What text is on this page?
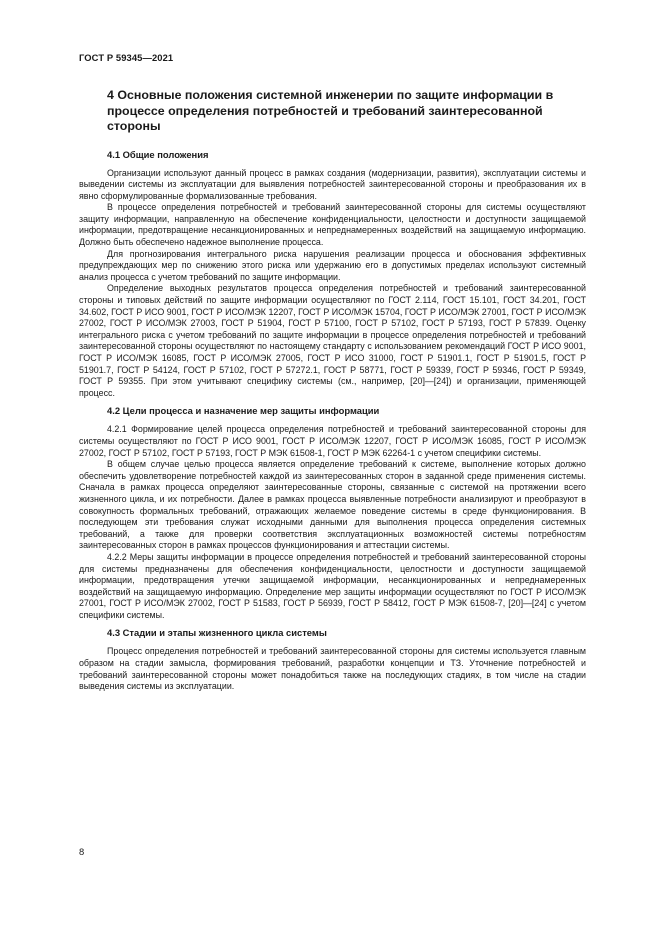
ГОСТ Р 59345—2021
4 Основные положения системной инженерии по защите информации в процессе определения потребностей и требований заинтересованной стороны
4.1 Общие положения

Организации используют данный процесс в рамках создания (модернизации, развития), эксплуатации системы и выведении системы из эксплуатации для выявления потребностей заинтересованной стороны и преобразования их в явно сформулированные формализованные требования.

В процессе определения потребностей и требований заинтересованной стороны для системы осуществляют защиту информации, направленную на обеспечение конфиденциальности, целостности и доступности защищаемой информации, предотвращение несанкционированных и непреднамеренных воздействий на защищаемую информацию. Должно быть обеспечено надежное выполнение процесса.

Для прогнозирования интегрального риска нарушения реализации процесса и обоснования эффективных предупреждающих мер по снижению этого риска или удержанию его в допустимых пределах используют системный анализ процесса с учетом требований по защите информации.

Определение выходных результатов процесса определения потребностей и требований заинтересованной стороны и типовых действий по защите информации осуществляют по ГОСТ 2.114, ГОСТ 15.101, ГОСТ 34.201, ГОСТ 34.602, ГОСТ Р ИСО 9001, ГОСТ Р ИСО/МЭК 12207, ГОСТ Р ИСО/МЭК 15704, ГОСТ Р ИСО/МЭК 27001, ГОСТ Р ИСО/МЭК 27002, ГОСТ Р ИСО/МЭК 27003, ГОСТ Р 51904, ГОСТ Р 57100, ГОСТ Р 57102, ГОСТ Р 57193, ГОСТ Р 57839. Оценку интегрального риска с учетом требований по защите информации в процессе определения потребностей и требований заинтересованной стороны осуществляют по настоящему стандарту с использованием рекомендаций ГОСТ Р ИСО 9001, ГОСТ Р ИСО/МЭК 16085, ГОСТ Р ИСО/МЭК 27005, ГОСТ Р ИСО 31000, ГОСТ Р 51901.1, ГОСТ Р 51901.5, ГОСТ Р 51901.7, ГОСТ Р 54124, ГОСТ Р 57102, ГОСТ Р 57272.1, ГОСТ Р 58771, ГОСТ Р 59339, ГОСТ Р 59346, ГОСТ Р 59349, ГОСТ Р 59355. При этом учитывают специфику системы (см., например, [20]—[24]) и организации, применяющей процесс.

4.2 Цели процесса и назначение мер защиты информации

4.2.1 Формирование целей процесса определения потребностей и требований заинтересованной стороны для системы осуществляют по ГОСТ Р ИСО 9001, ГОСТ Р ИСО/МЭК 12207, ГОСТ Р ИСО/МЭК 16085, ГОСТ Р ИСО/МЭК 27002, ГОСТ Р 57102, ГОСТ Р 57193, ГОСТ Р МЭК 61508-1, ГОСТ Р МЭК 62264-1 с учетом специфики системы.

В общем случае целью процесса является определение требований к системе, выполнение которых должно обеспечить удовлетворение потребностей каждой из заинтересованных сторон в заданной среде применения системы. Сначала в рамках процесса определяют заинтересованные стороны, связанные с системой на протяжении всего жизненного цикла, и их потребности. Далее в рамках процесса выявленные потребности анализируют и преобразуют в совокупность формальных требований, отражающих желаемое поведение системы в среде функционирования. В последующем эти требования служат исходными данными для выполнения процесса определения системных требований, а также для проверки соответствия эксплуатационных возможностей системы потребностям заинтересованных сторон в рамках процессов функционирования и аттестации системы.

4.2.2 Меры защиты информации в процессе определения потребностей и требований заинтересованной стороны для системы предназначены для обеспечения конфиденциальности, целостности и доступности защищаемой информации, предотвращения утечки защищаемой информации, несанкционированных и непреднамеренных воздействий на защищаемую информацию. Определение мер защиты информации осуществляют по ГОСТ Р ИСО/МЭК 27001, ГОСТ Р ИСО/МЭК 27002, ГОСТ Р 51583, ГОСТ Р 56939, ГОСТ Р 58412, ГОСТ Р МЭК 61508-7, [20]—[24] с учетом специфики системы.

4.3 Стадии и этапы жизненного цикла системы

Процесс определения потребностей и требований заинтересованной стороны для системы используется главным образом на стадии замысла, формирования требований, разработки концепции и ТЗ. Уточнение потребностей и требований заинтересованной стороны может понадобиться также на последующих стадиях, в том числе на стадии выведения системы из эксплуатации.

8
